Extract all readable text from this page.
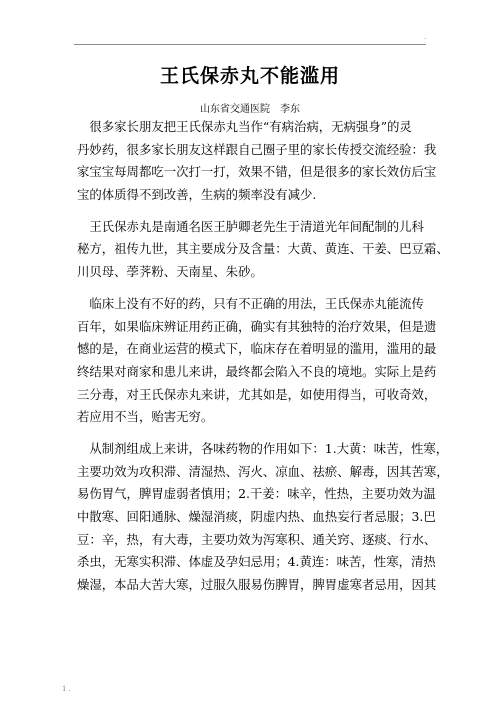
·
王氏保赤丸不能滥用
山东省交通医院　李东
　很多家长朋友把王氏保赤丸当作“有病治病，无病强身”的灵
丹妙药，很多家长朋友这样跟自己圈子里的家长传授交流经验：我
家宝宝每周都吃一次打一打，效果不错，但是很多的家长效仿后宝
宝的体质得不到改善，生病的频率没有减少.
　王氏保赤丸是南通名医王胪卿老先生于清道光年间配制的儿科
秘方，祖传九世，其主要成分及含量：大黄、黄连、干姜、巴豆霜、
川贝母、荸荠粉、天南星、朱砂。
　临床上没有不好的药，只有不正确的用法，王氏保赤丸能流传
百年，如果临床辨证用药正确，确实有其独特的治疗效果，但是遗
憾的是，在商业运营的模式下，临床存在着明显的滥用，滥用的最
终结果对商家和患儿来讲，最终都会陷入不良的境地。实际上是药
三分毒，对王氏保赤丸来讲，尤其如是，如使用得当，可收奇效，
若应用不当，贻害无穷。
　从制剂组成上来讲，各味药物的作用如下：1.大黄：味苦，性寒，
主要功效为攻积滞、清湿热、泻火、凉血、祛瘀、解毒，因其苦寒，
易伤胃气，脾胃虚弱者慎用；2.干姜：味辛，性热，主要功效为温
中散寒、回阳通脉、燥湿消痰，阴虚内热、血热妄行者忌服；3.巴
豆：辛，热，有大毒，主要功效为泻寒积、通关窍、逐痰、行水、
杀虫，无寒实积滞、体虚及孕妇忌用；4.黄连：味苦，性寒，清热
燥湿，本品大苦大寒，过服久服易伤脾胃，脾胃虚寒者忌用，因其
1 .
